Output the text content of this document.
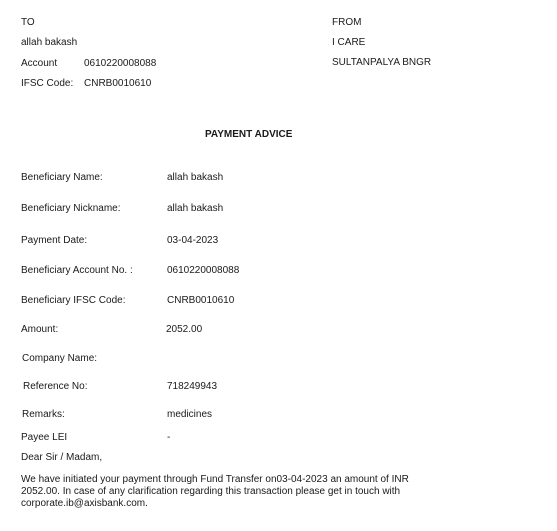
TO
allah bakash
Account	0610220008088
IFSC Code: CNRB0010610
FROM
I CARE
SULTANPALYA BNGR
PAYMENT ADVICE
Beneficiary Name:	allah bakash
Beneficiary Nickname:	allah bakash
Payment Date:	03-04-2023
Beneficiary Account No. :	0610220008088
Beneficiary IFSC Code:	CNRB0010610
Amount:	2052.00
Company Name:
Reference No:	718249943
Remarks:	medicines
Payee LEI	-
Dear Sir / Madam,
We have initiated your payment through Fund Transfer on03-04-2023 an amount of INR 2052.00. In case of any clarification regarding this transaction please get in touch with corporate.ib@axisbank.com.
